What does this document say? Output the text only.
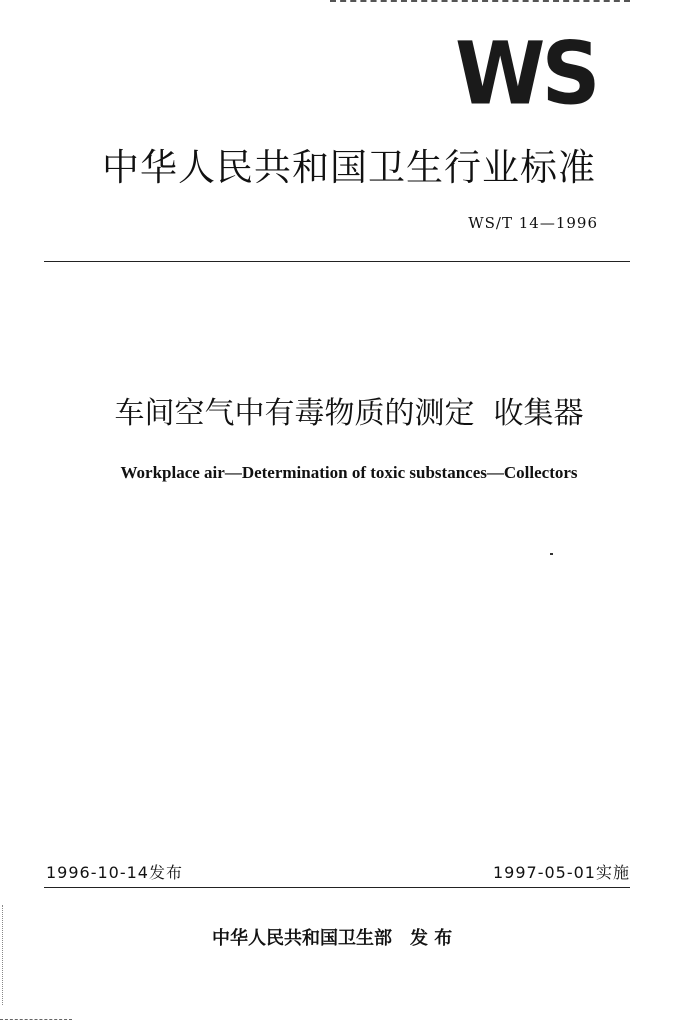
WS
中华人民共和国卫生行业标准
WS/T 14—1996
车间空气中有毒物质的测定  收集器
Workplace air—Determination of toxic substances—Collectors
1996-10-14发布	1997-05-01实施
中华人民共和国卫生部 发 布
